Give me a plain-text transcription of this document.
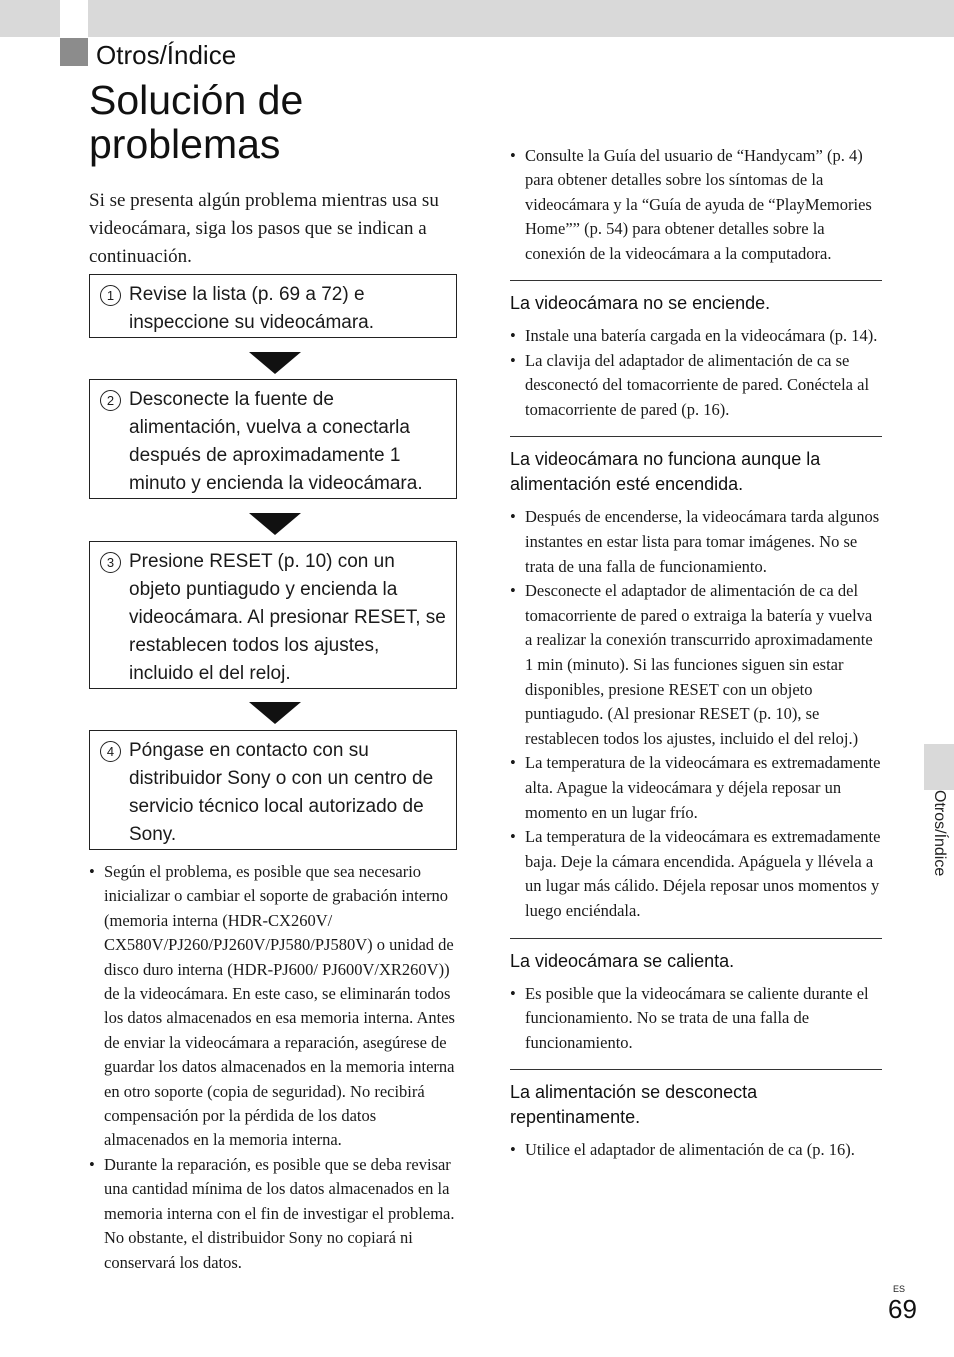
Otros/Índice
Solución de problemas

Si se presenta algún problema mientras usa su videocámara, siga los pasos que se indican a continuación.

1 Revise la lista (p. 69 a 72) e inspeccione su videocámara.
2 Desconecte la fuente de alimentación, vuelva a conectarla después de aproximadamente 1 minuto y encienda la videocámara.
3 Presione RESET (p. 10) con un objeto puntiagudo y encienda la videocámara. Al presionar RESET, se restablecen todos los ajustes, incluido el del reloj.
4 Póngase en contacto con su distribuidor Sony o con un centro de servicio técnico local autorizado de Sony.
• Según el problema, es posible que sea necesario inicializar o cambiar el soporte de grabación interno (memoria interna (HDR-CX260V/ CX580V/PJ260/PJ260V/PJ580/PJ580V) o unidad de disco duro interna (HDR-PJ600/ PJ600V/XR260V)) de la videocámara. En este caso, se eliminarán todos los datos almacenados en esa memoria interna. Antes de enviar la videocámara a reparación, asegúrese de guardar los datos almacenados en la memoria interna en otro soporte (copia de seguridad). No recibirá compensación por la pérdida de los datos almacenados en la memoria interna.
• Durante la reparación, es posible que se deba revisar una cantidad mínima de los datos almacenados en la memoria interna con el fin de investigar el problema. No obstante, el distribuidor Sony no copiará ni conservará los datos.
• Consulte la Guía del usuario de “Handycam” (p. 4) para obtener detalles sobre los síntomas de la videocámara y la “Guía de ayuda de “PlayMemories Home”” (p. 54) para obtener detalles sobre la conexión de la videocámara a la computadora.
La videocámara no se enciende.
• Instale una batería cargada en la videocámara (p. 14).
• La clavija del adaptador de alimentación de ca se desconectó del tomacorriente de pared. Conéctela al tomacorriente de pared (p. 16).
La videocámara no funciona aunque la alimentación esté encendida.
• Después de encenderse, la videocámara tarda algunos instantes en estar lista para tomar imágenes. No se trata de una falla de funcionamiento.
• Desconecte el adaptador de alimentación de ca del tomacorriente de pared o extraiga la batería y vuelva a realizar la conexión transcurrido aproximadamente 1 min (minuto). Si las funciones siguen sin estar disponibles, presione RESET con un objeto puntiagudo. (Al presionar RESET (p. 10), se restablecen todos los ajustes, incluido el del reloj.)
• La temperatura de la videocámara es extremadamente alta. Apague la videocámara y déjela reposar un momento en un lugar frío.
• La temperatura de la videocámara es extremadamente baja. Deje la cámara encendida. Apáguela y llévela a un lugar más cálido. Déjela reposar unos momentos y luego enciéndala.
La videocámara se calienta.
• Es posible que la videocámara se caliente durante el funcionamiento. No se trata de una falla de funcionamiento.
La alimentación se desconecta repentinamente.
• Utilice el adaptador de alimentación de ca (p. 16).
Otros/Índice
ES
69
